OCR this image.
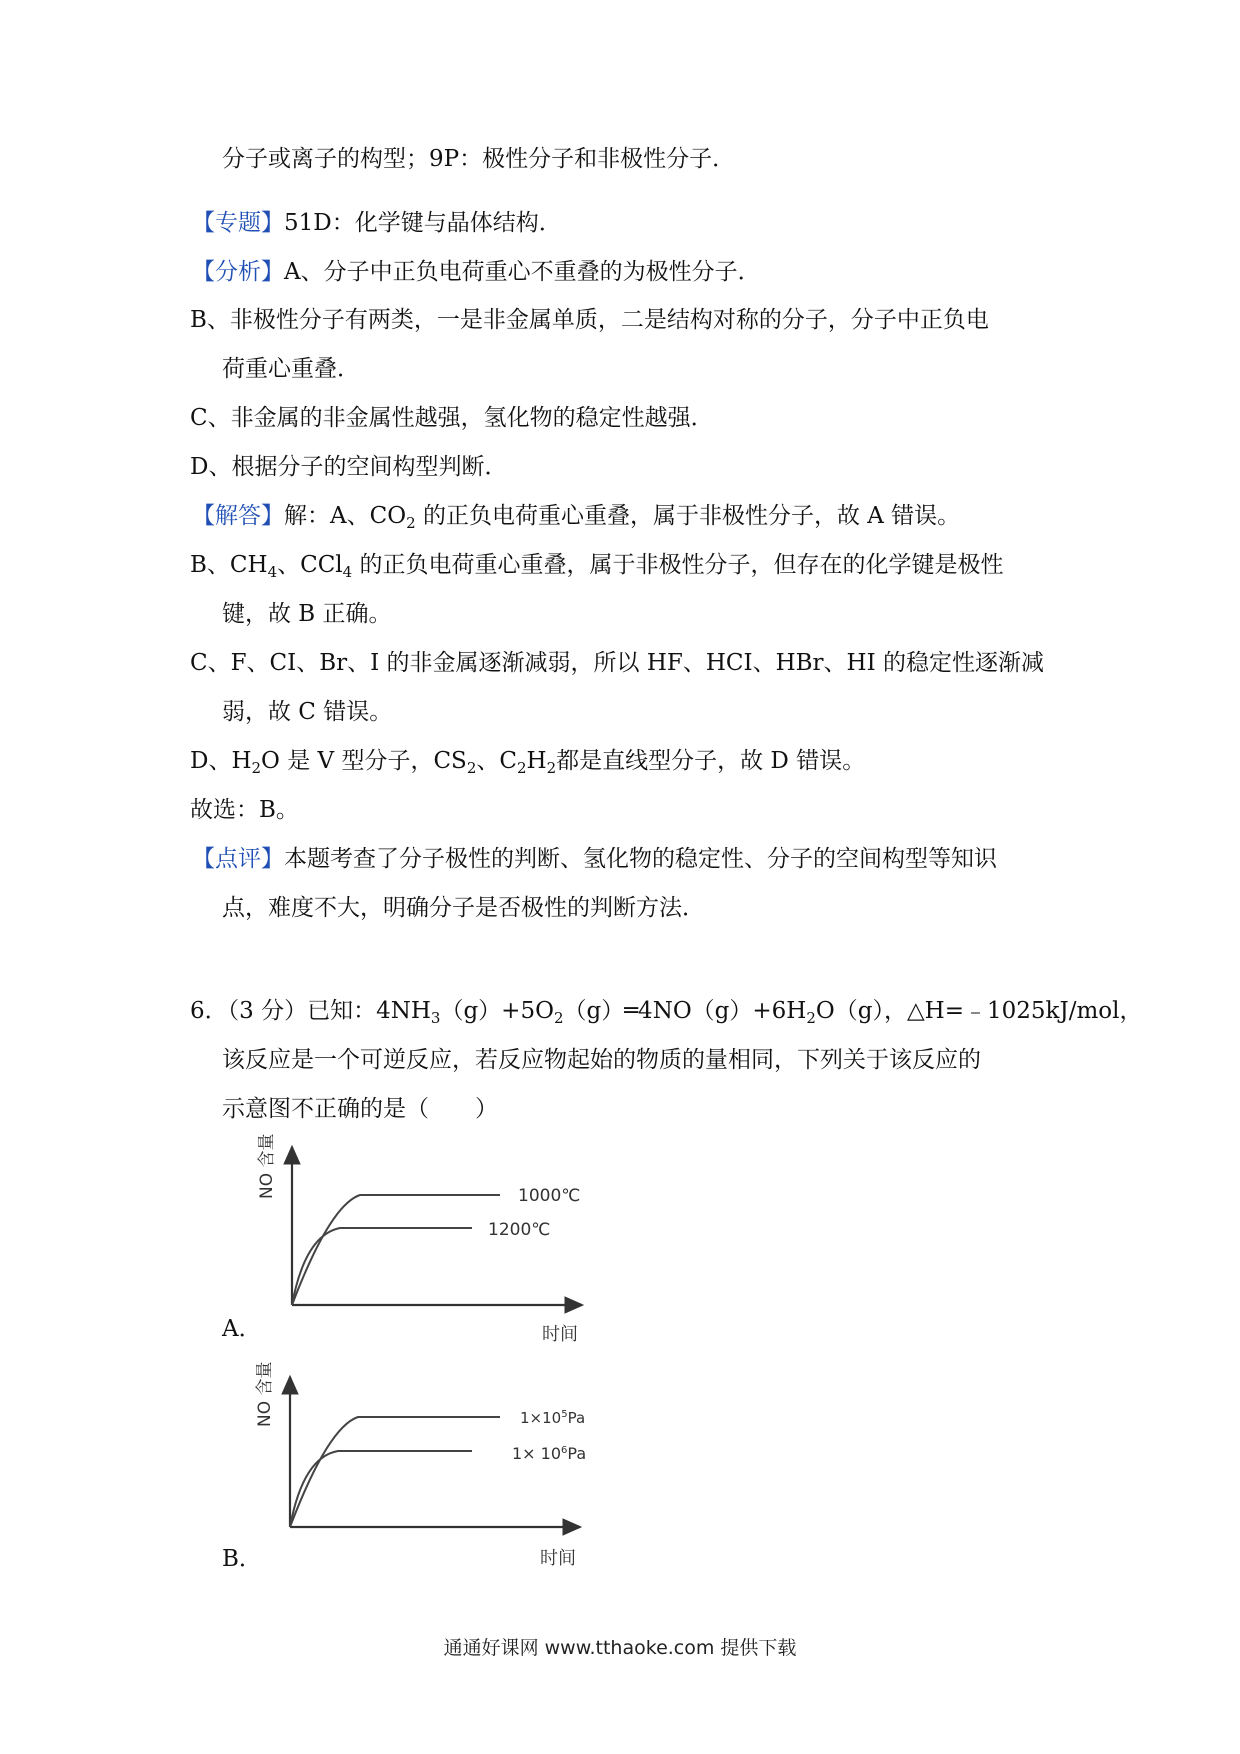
分子或离子的构型；9P：极性分子和非极性分子．
【专题】51D：化学键与晶体结构．
【分析】A、分子中正负电荷重心不重叠的为极性分子．
B、非极性分子有两类，一是非金属单质，二是结构对称的分子，分子中正负电
荷重心重叠．
C、非金属的非金属性越强，氢化物的稳定性越强．
D、根据分子的空间构型判断．
【解答】解：A、$CO_2$ 的正负电荷重心重叠，属于非极性分子，故 A 错误。
B、$CH_4$、CCl$_4$ 的正负电荷重心重叠，属于非极性分子，但存在的化学键是极性
键，故 B 正确。
C、F、CI、Br、I 的非金属逐渐减弱，所以 HF、HCI、HBr、HI 的稳定性逐渐减
弱，故 C 错误。
D、$H_2O$ 是 V 型分子，$CS_2$、$C_2H_2$都是直线型分子，故 D 错误。
故选：B。
【点评】本题考查了分子极性的判断、氢化物的稳定性、分子的空间构型等知识
点，难度不大，明确分子是否极性的判断方法．
6．（3 分）已知：$4NH_3(g)+5O_2(g)═4NO(g)+6H_2O(g)$，△H=﹣1025kJ/mol，
该反应是一个可逆反应，若反应物起始的物质的量相同，下列关于该反应的
示意图不正确的是（　　）
NO 含量
时间
1000℃
1200℃
A．
NO 含量
时间
$1\times 10^5Pa$
$1\times 10^6Pa$
B．
通通好课网 www.tthaoke.com 提供下载
